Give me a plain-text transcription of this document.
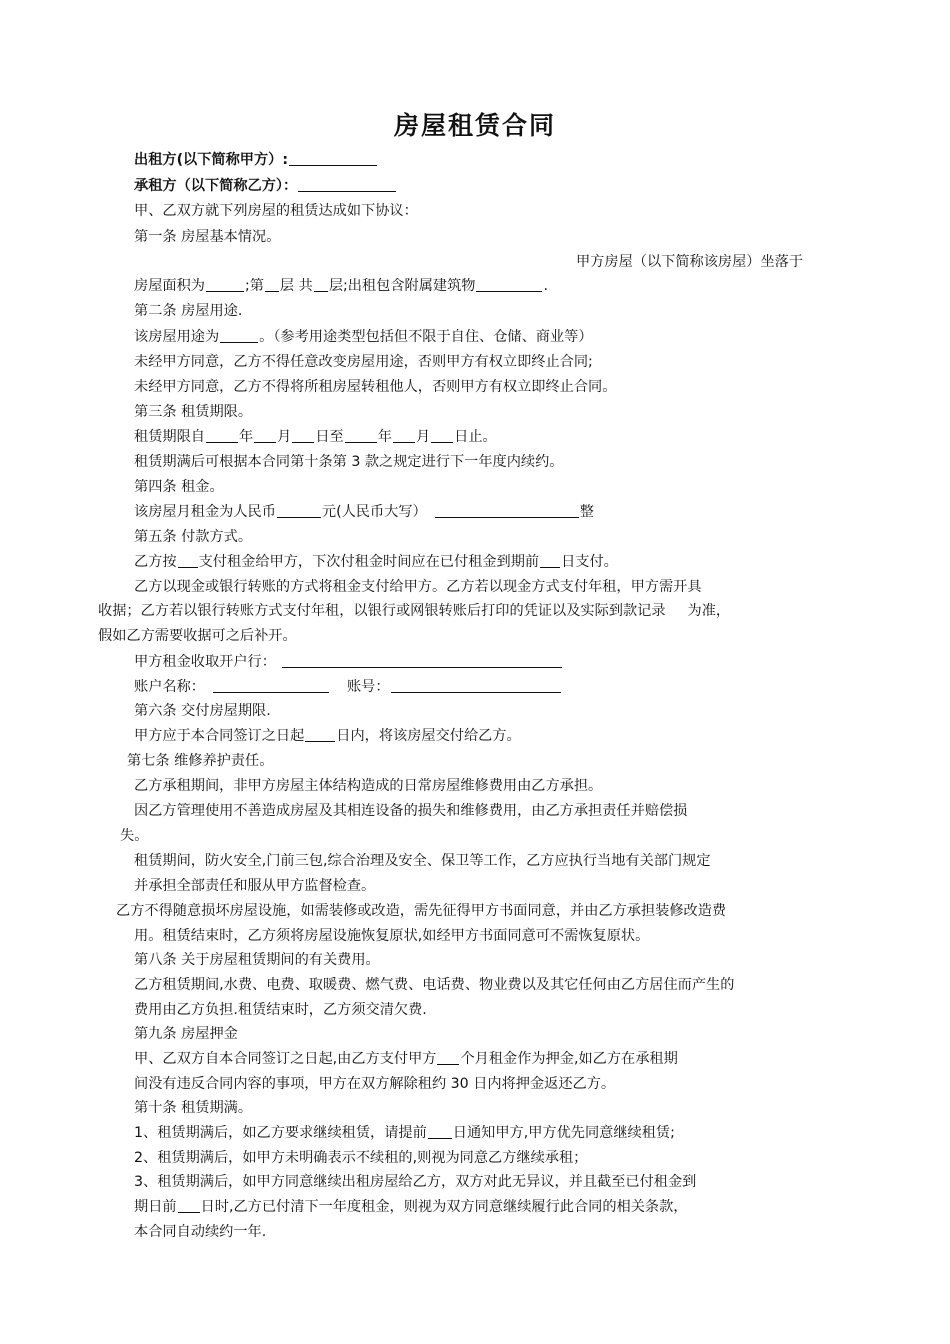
房屋租赁合同
出租方(以下简称甲方）:
承租方（以下简称乙方）：
甲、乙双方就下列房屋的租赁达成如下协议：
第一条 房屋基本情况。
甲方房屋（以下简称该房屋）坐落于
房屋面积为	;第 层 共 层;出租包含附属建筑物	.
第二条 房屋用途.
该房屋用途为	。（参考用途类型包括但不限于自住、仓储、商业等）
未经甲方同意，乙方不得任意改变房屋用途，否则甲方有权立即终止合同;
未经甲方同意，乙方不得将所租房屋转租他人，否则甲方有权立即终止合同。
第三条 租赁期限。
租赁期限自 年 月 日至 年 月 日止。
租赁期满后可根据本合同第十条第 3 款之规定进行下一年度内续约。
第四条 租金。
该房屋月租金为人民币	元(人民币大写）	整
第五条 付款方式。
乙方按 支付租金给甲方，下次付租金时间应在已付租金到期前 日支付。
乙方以现金或银行转账的方式将租金支付给甲方。乙方若以现金方式支付年租，甲方需开具
收据；乙方若以银行转账方式支付年租，以银行或网银转账后打印的凭证以及实际到款记录 为准，
假如乙方需要收据可之后补开。
甲方租金收取开户行：
账户名称：	账号：
第六条 交付房屋期限.
甲方应于本合同签订之日起 日内，将该房屋交付给乙方。
第七条 维修养护责任。
乙方承租期间，非甲方房屋主体结构造成的日常房屋维修费用由乙方承担。
因乙方管理使用不善造成房屋及其相连设备的损失和维修费用，由乙方承担责任并赔偿损
失。
租赁期间，防火安全,门前三包,综合治理及安全、保卫等工作，乙方应执行当地有关部门规定
并承担全部责任和服从甲方监督检查。
乙方不得随意损坏房屋设施，如需装修或改造，需先征得甲方书面同意，并由乙方承担装修改造费
用。租赁结束时，乙方须将房屋设施恢复原状,如经甲方书面同意可不需恢复原状。
第八条 关于房屋租赁期间的有关费用。
乙方租赁期间,水费、电费、取暖费、燃气费、电话费、物业费以及其它任何由乙方居住而产生的
费用由乙方负担.租赁结束时，乙方须交清欠费.
第九条 房屋押金
甲、乙双方自本合同签订之日起,由乙方支付甲方 个月租金作为押金,如乙方在承租期
间没有违反合同内容的事项，甲方在双方解除租约 30 日内将押金返还乙方。
第十条 租赁期满。
1、租赁期满后，如乙方要求继续租赁，请提前 日通知甲方,甲方优先同意继续租赁;
2、租赁期满后，如甲方未明确表示不续租的,则视为同意乙方继续承租；
3、租赁期满后，如甲方同意继续出租房屋给乙方，双方对此无异议，并且截至已付租金到
期日前 日时,乙方已付清下一年度租金，则视为双方同意继续履行此合同的相关条款，
本合同自动续约一年.
